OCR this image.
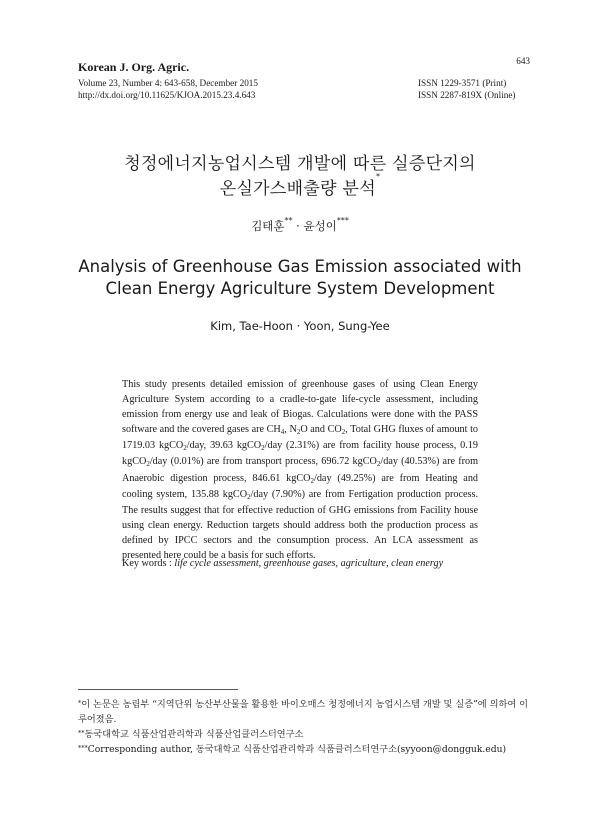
Korean J. Org. Agric.	643
Volume 23, Number 4: 643-658, December 2015
http://dx.doi.org/10.11625/KJOA.2015.23.4.643
ISSN 1229-3571 (Print)
ISSN 2287-819X (Online)
청정에너지농업시스템 개발에 따른 실증단지의
온실가스배출량 분석*
김태훈** · 윤성이***
Analysis of Greenhouse Gas Emission associated with
Clean Energy Agriculture System Development
Kim, Tae-Hoon · Yoon, Sung-Yee
This study presents detailed emission of greenhouse gases of using Clean Energy Agriculture System according to a cradle-to-gate life-cycle assessment, including emission from energy use and leak of Biogas. Calculations were done with the PASS software and the covered gases are $CH_4$, $N_2O$ and $CO_2$, Total GHG fluxes of amount to 1719.03 kgCO$_2$/day, 39.63 kgCO$_2$/day (2.31%) are from facility house process, 0.19 kgCO$_2$/day (0.01%) are from transport process, 696.72 kgCO$_2$/day (40.53%) are from Anaerobic digestion process, 846.61 kgCO$_2$/day (49.25%) are from Heating and cooling system, 135.88 kgCO$_2$/day (7.90%) are from Fertigation production process. The results suggest that for effective reduction of GHG emissions from Facility house using clean energy. Reduction targets should address both the production process as defined by IPCC sectors and the consumption process. An LCA assessment as presented here could be a basis for such efforts.
Key words : life cycle assessment, greenhouse gases, agriculture, clean energy

*이 논문은 농림부 “지역단위 농산부산물을 활용한 바이오매스 청정에너지 농업시스템 개발 및 실증”에 의하여 이루어졌음.

**동국대학교 식품산업관리학과 식품산업클러스터연구소

***Corresponding author, 동국대학교 식품산업관리학과 식품클러스터연구소(syyoon@dongguk.edu)
